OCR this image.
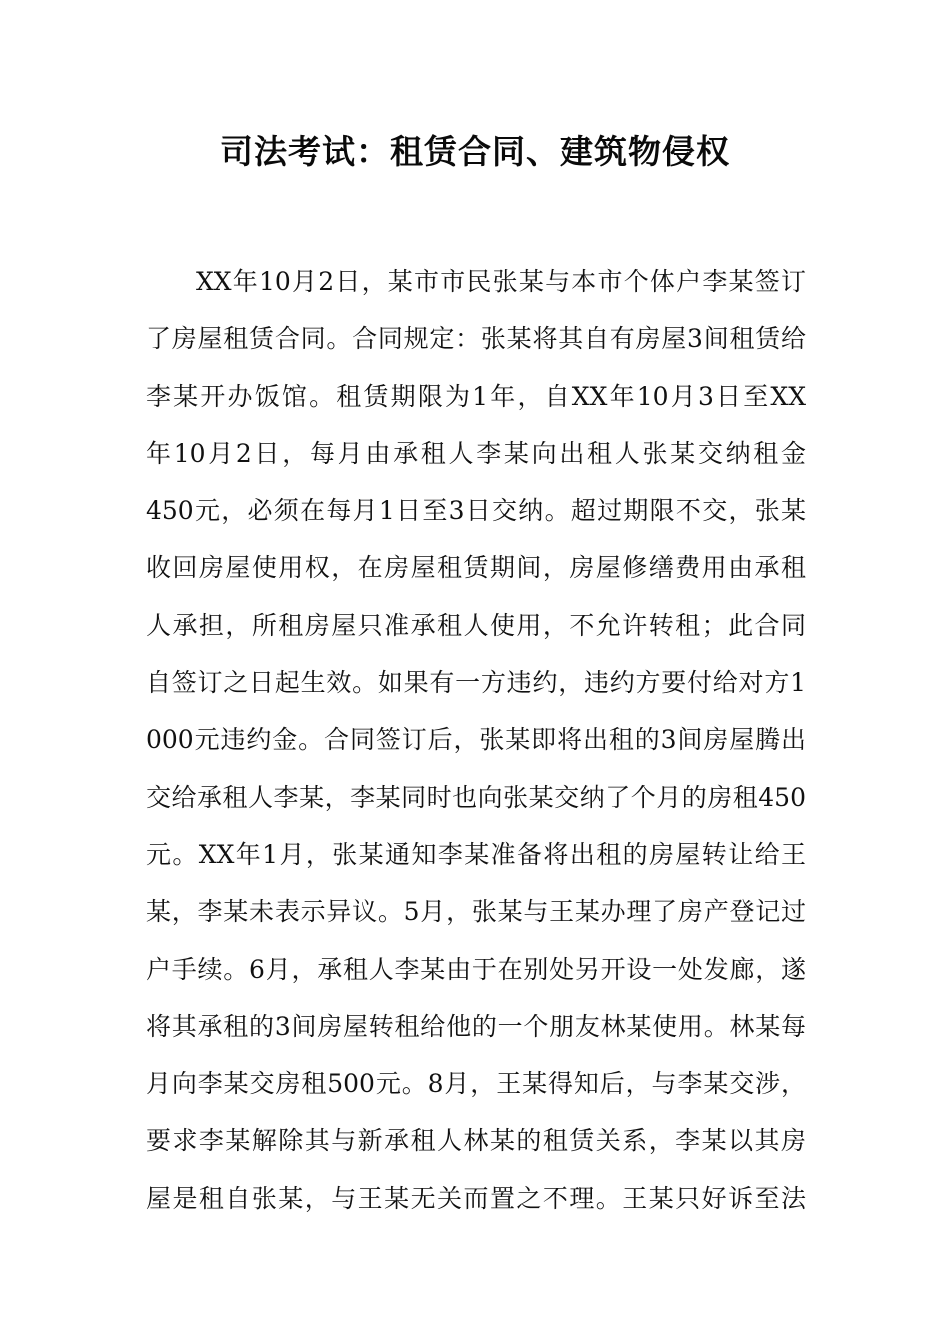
司法考试：租赁合同、建筑物侵权
XX年10月2日，某市市民张某与本市个体户李某签订
了房屋租赁合同。合同规定：张某将其自有房屋3间租赁给
李某开办饭馆。租赁期限为1年，自XX年10月3日至XX
年10月2日，每月由承租人李某向出租人张某交纳租金
450元，必须在每月1日至3日交纳。超过期限不交，张某
收回房屋使用权，在房屋租赁期间，房屋修缮费用由承租
人承担，所租房屋只准承租人使用，不允许转租；此合同
自签订之日起生效。如果有一方违约，违约方要付给对方1
000元违约金。合同签订后，张某即将出租的3间房屋腾出
交给承租人李某，李某同时也向张某交纳了个月的房租450
元。XX年1月，张某通知李某准备将出租的房屋转让给王
某，李某未表示异议。5月，张某与王某办理了房产登记过
户手续。6月，承租人李某由于在别处另开设一处发廊，遂
将其承租的3间房屋转租给他的一个朋友林某使用。林某每
月向李某交房租500元。8月，王某得知后，与李某交涉，
要求李某解除其与新承租人林某的租赁关系，李某以其房
屋是租自张某，与王某无关而置之不理。王某只好诉至法
